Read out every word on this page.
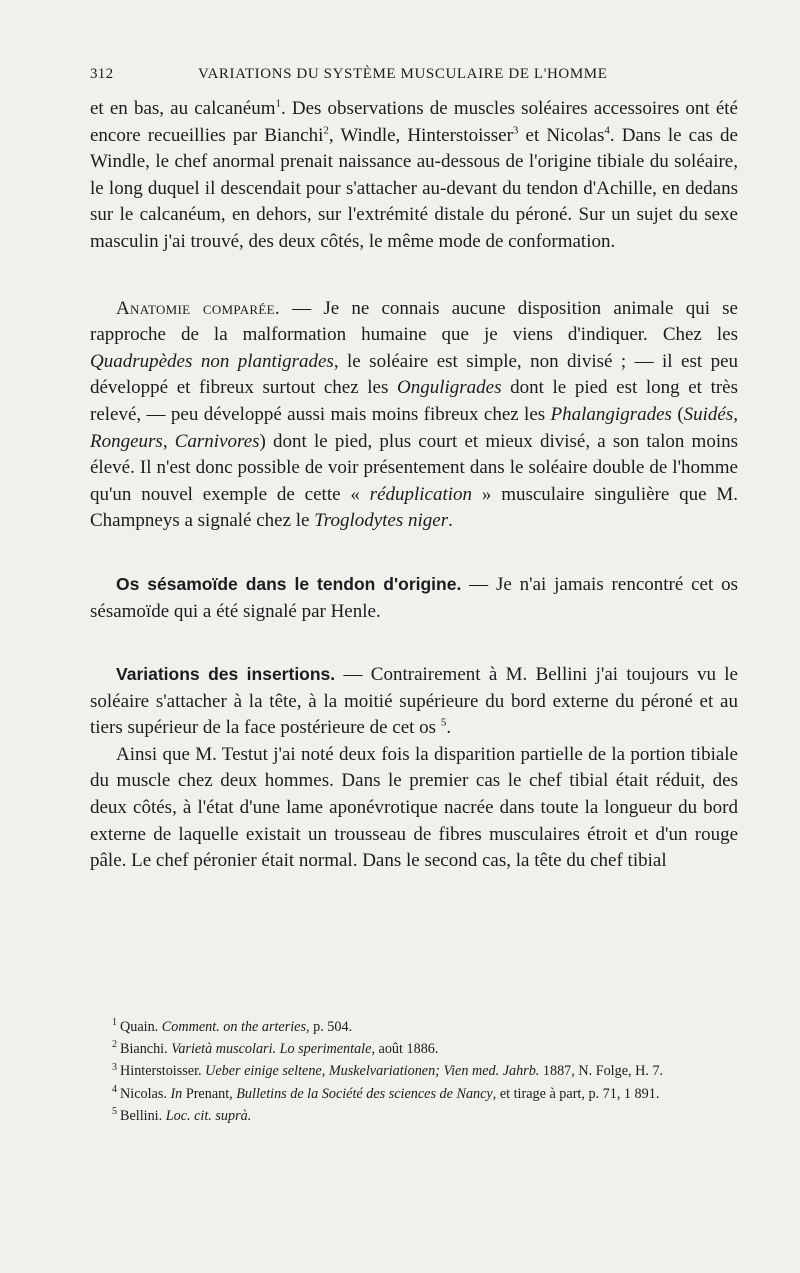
312	VARIATIONS DU SYSTÈME MUSCULAIRE DE L'HOMME

et en bas, au calcanéum$^1$. Des observations de muscles soléaires accessoires ont été encore recueillies par Bianchi$^2$, Windle, Hinterstoisser$^3$ et Nicolas$^4$. Dans le cas de Windle, le chef anormal prenait naissance au-dessous de l'origine tibiale du soléaire, le long duquel il descendait pour s'attacher au-devant du tendon d'Achille, en dedans sur le calcanéum, en dehors, sur l'extrémité distale du péroné. Sur un sujet du sexe masculin j'ai trouvé, des deux côtés, le même mode de conformation.

Anatomie comparée. — Je ne connais aucune disposition animale qui se rapproche de la malformation humaine que je viens d'indiquer. Chez les Quadrupèdes non plantigrades, le soléaire est simple, non divisé ; — il est peu développé et fibreux surtout chez les Onguligrades dont le pied est long et très relevé, — peu développé aussi mais moins fibreux chez les Phalangigrades (Suidés, Rongeurs, Carnivores) dont le pied, plus court et mieux divisé, a son talon moins élevé. Il n'est donc possible de voir présentement dans le soléaire double de l'homme qu'un nouvel exemple de cette « réduplication » musculaire singulière que M. Champneys a signalé chez le Troglodytes niger.

Os sésamoïde dans le tendon d'origine. — Je n'ai jamais rencontré cet os sésamoïde qui a été signalé par Henle.

Variations des insertions. — Contrairement à M. Bellini j'ai toujours vu le soléaire s'attacher à la tête, à la moitié supérieure du bord externe du péroné et au tiers supérieur de la face postérieure de cet os $^5$.

Ainsi que M. Testut j'ai noté deux fois la disparition partielle de la portion tibiale du muscle chez deux hommes. Dans le premier cas le chef tibial était réduit, des deux côtés, à l'état d'une lame aponévrotique nacrée dans toute la longueur du bord externe de laquelle existait un trousseau de fibres musculaires étroit et d'un rouge pâle. Le chef péronier était normal. Dans le second cas, la tête du chef tibial

$^1$ Quain. Comment. on the arteries, p. 504.

$^2$ Bianchi. Varietà muscolari. Lo sperimentale, août 1886.

$^3$ Hinterstoisser. Ueber einige seltene, Muskelvariationen; Vien med. Jahrb. 1887, N. Folge, H. 7.

$^4$ Nicolas. In Prenant, Bulletins de la Société des sciences de Nancy, et tirage à part, p. 71, 1 891.

$^5$ Bellini. Loc. cit. suprà.
